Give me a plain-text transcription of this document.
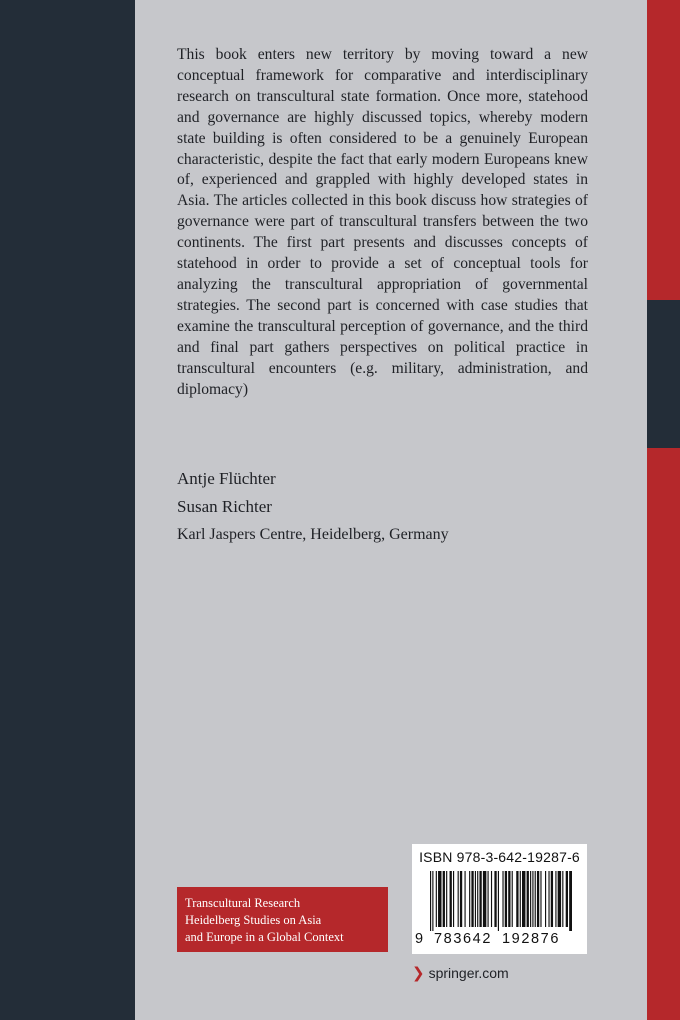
This book enters new territory by moving toward a new conceptual framework for comparative and interdisciplinary research on transcultural state formation. Once more, statehood and governance are highly discussed topics, whereby modern state building is often considered to be a genuinely European characteristic, despite the fact that early modern Europeans knew of, experienced and grappled with highly developed states in Asia. The articles collected in this book discuss how strategies of governance were part of transcultural transfers between the two continents. The first part presents and discusses concepts of statehood in order to provide a set of conceptual tools for analyzing the transcultural appropriation of governmental strategies. The second part is concerned with case studies that examine the transcultural perception of governance, and the third and final part gathers perspectives on political practice in transcultural encounters (e.g. military, administration, and diplomacy)

Antje Flüchter
Susan Richter
Karl Jaspers Centre, Heidelberg, Germany
Transcultural Research
Heidelberg Studies on Asia
and Europe in a Global Context
ISBN 978-3-642-19287-6
9 783642 192876
❯ springer.com
